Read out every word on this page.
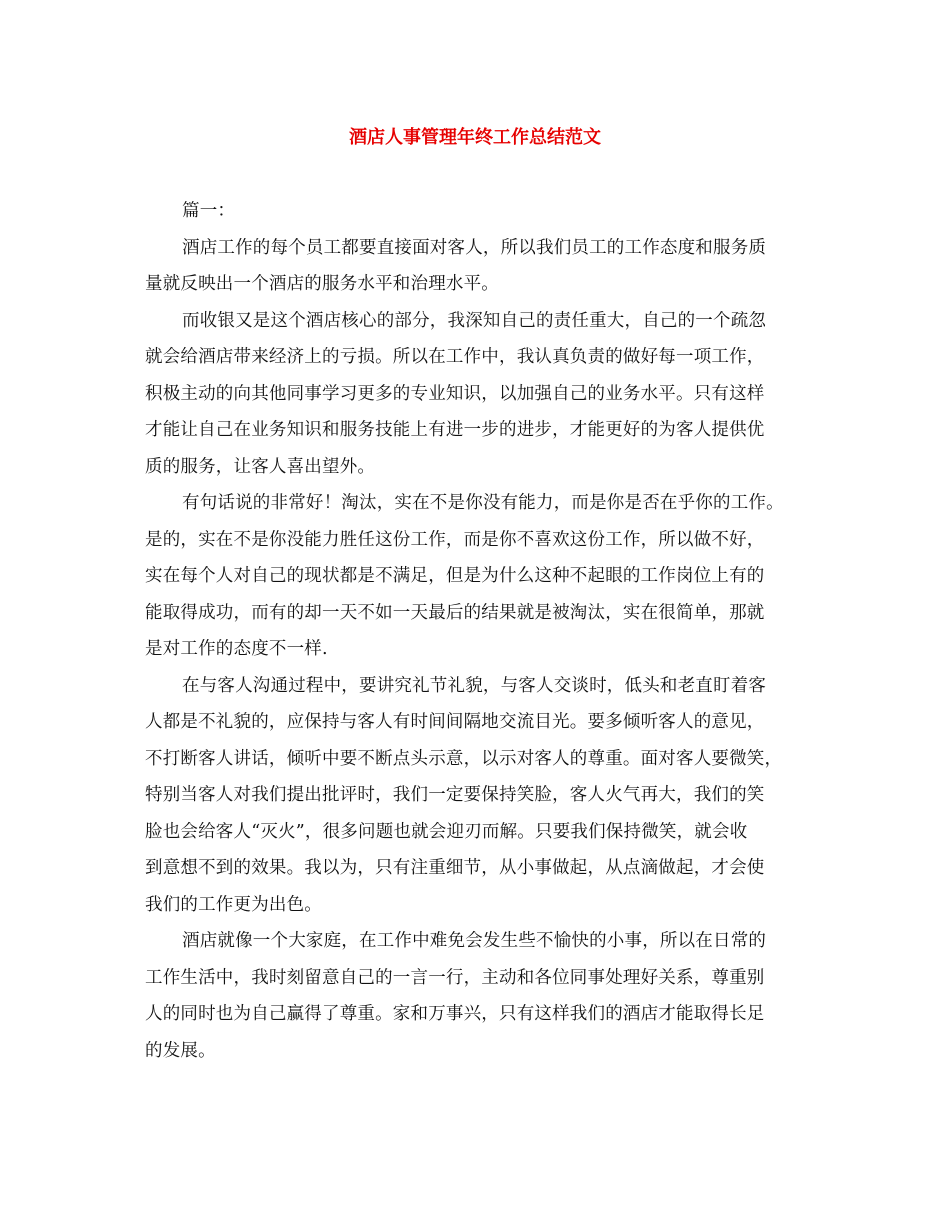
酒店人事管理年终工作总结范文
篇一：
酒店工作的每个员工都要直接面对客人，所以我们员工的工作态度和服务质
量就反映出一个酒店的服务水平和治理水平。
而收银又是这个酒店核心的部分，我深知自己的责任重大，自己的一个疏忽
就会给酒店带来经济上的亏损。所以在工作中，我认真负责的做好每一项工作，
积极主动的向其他同事学习更多的专业知识，以加强自己的业务水平。只有这样
才能让自己在业务知识和服务技能上有进一步的进步，才能更好的为客人提供优
质的服务，让客人喜出望外。
有句话说的非常好！淘汰，实在不是你没有能力，而是你是否在乎你的工作。
是的，实在不是你没能力胜任这份工作，而是你不喜欢这份工作，所以做不好，
实在每个人对自己的现状都是不满足，但是为什么这种不起眼的工作岗位上有的
能取得成功，而有的却一天不如一天最后的结果就是被淘汰，实在很简单，那就
是对工作的态度不一样.
在与客人沟通过程中，要讲究礼节礼貌，与客人交谈时，低头和老直盯着客
人都是不礼貌的，应保持与客人有时间间隔地交流目光。要多倾听客人的意见，
不打断客人讲话，倾听中要不断点头示意，以示对客人的尊重。面对客人要微笑，
特别当客人对我们提出批评时，我们一定要保持笑脸，客人火气再大，我们的笑
脸也会给客人“灭火”，很多问题也就会迎刃而解。只要我们保持微笑，就会收
到意想不到的效果。我以为，只有注重细节，从小事做起，从点滴做起，才会使
我们的工作更为出色。
酒店就像一个大家庭，在工作中难免会发生些不愉快的小事，所以在日常的
工作生活中，我时刻留意自己的一言一行，主动和各位同事处理好关系，尊重别
人的同时也为自己赢得了尊重。家和万事兴，只有这样我们的酒店才能取得长足
的发展。
